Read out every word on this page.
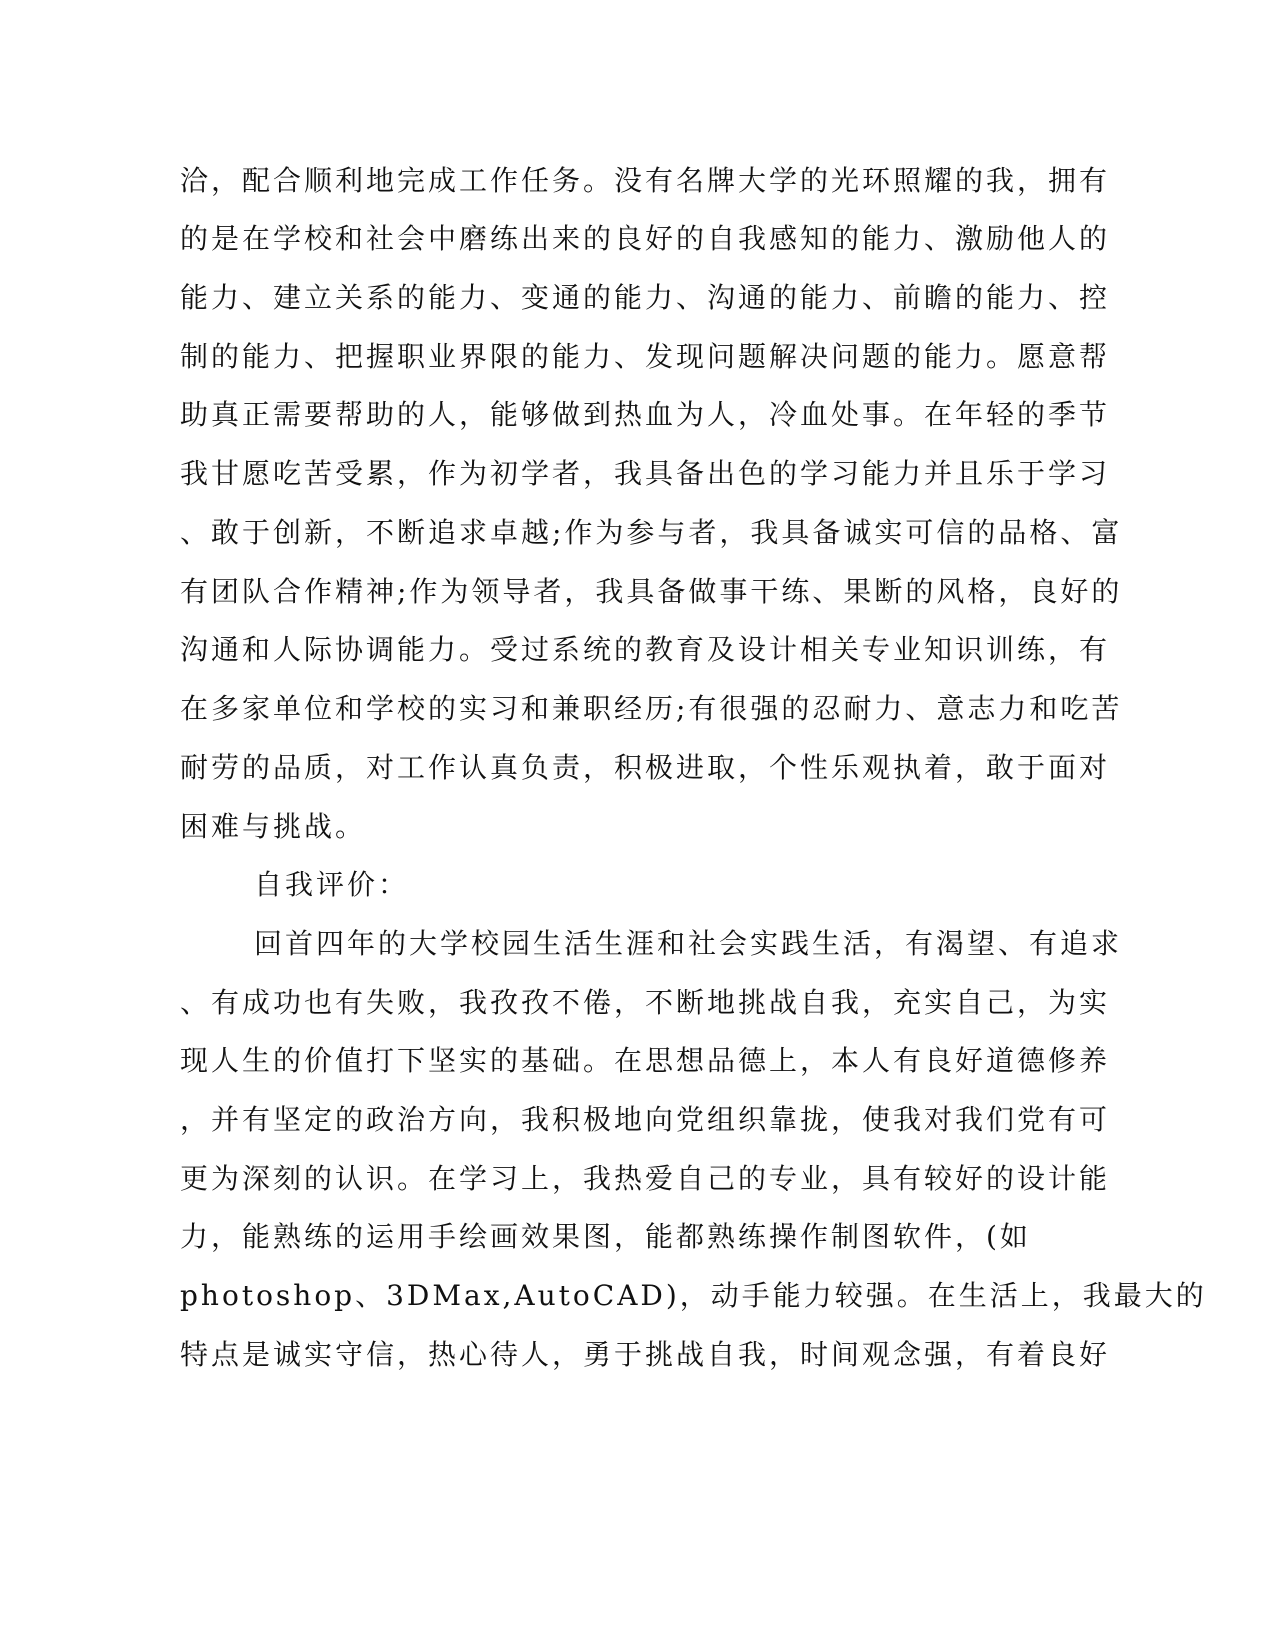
洽，配合顺利地完成工作任务。没有名牌大学的光环照耀的我，拥有
的是在学校和社会中磨练出来的良好的自我感知的能力、激励他人的
能力、建立关系的能力、变通的能力、沟通的能力、前瞻的能力、控
制的能力、把握职业界限的能力、发现问题解决问题的能力。愿意帮
助真正需要帮助的人，能够做到热血为人，冷血处事。在年轻的季节
我甘愿吃苦受累，作为初学者，我具备出色的学习能力并且乐于学习
、敢于创新，不断追求卓越;作为参与者，我具备诚实可信的品格、富
有团队合作精神;作为领导者，我具备做事干练、果断的风格，良好的
沟通和人际协调能力。受过系统的教育及设计相关专业知识训练，有
在多家单位和学校的实习和兼职经历;有很强的忍耐力、意志力和吃苦
耐劳的品质，对工作认真负责，积极进取，个性乐观执着，敢于面对
困难与挑战。
自我评价：
回首四年的大学校园生活生涯和社会实践生活，有渴望、有追求
、有成功也有失败，我孜孜不倦，不断地挑战自我，充实自己，为实
现人生的价值打下坚实的基础。在思想品德上，本人有良好道德修养
，并有坚定的政治方向，我积极地向党组织靠拢，使我对我们党有可
更为深刻的认识。在学习上，我热爱自己的专业，具有较好的设计能
力，能熟练的运用手绘画效果图，能都熟练操作制图软件，(如
photoshop、3DMax,AutoCAD)，动手能力较强。在生活上，我最大的
特点是诚实守信，热心待人，勇于挑战自我，时间观念强，有着良好
